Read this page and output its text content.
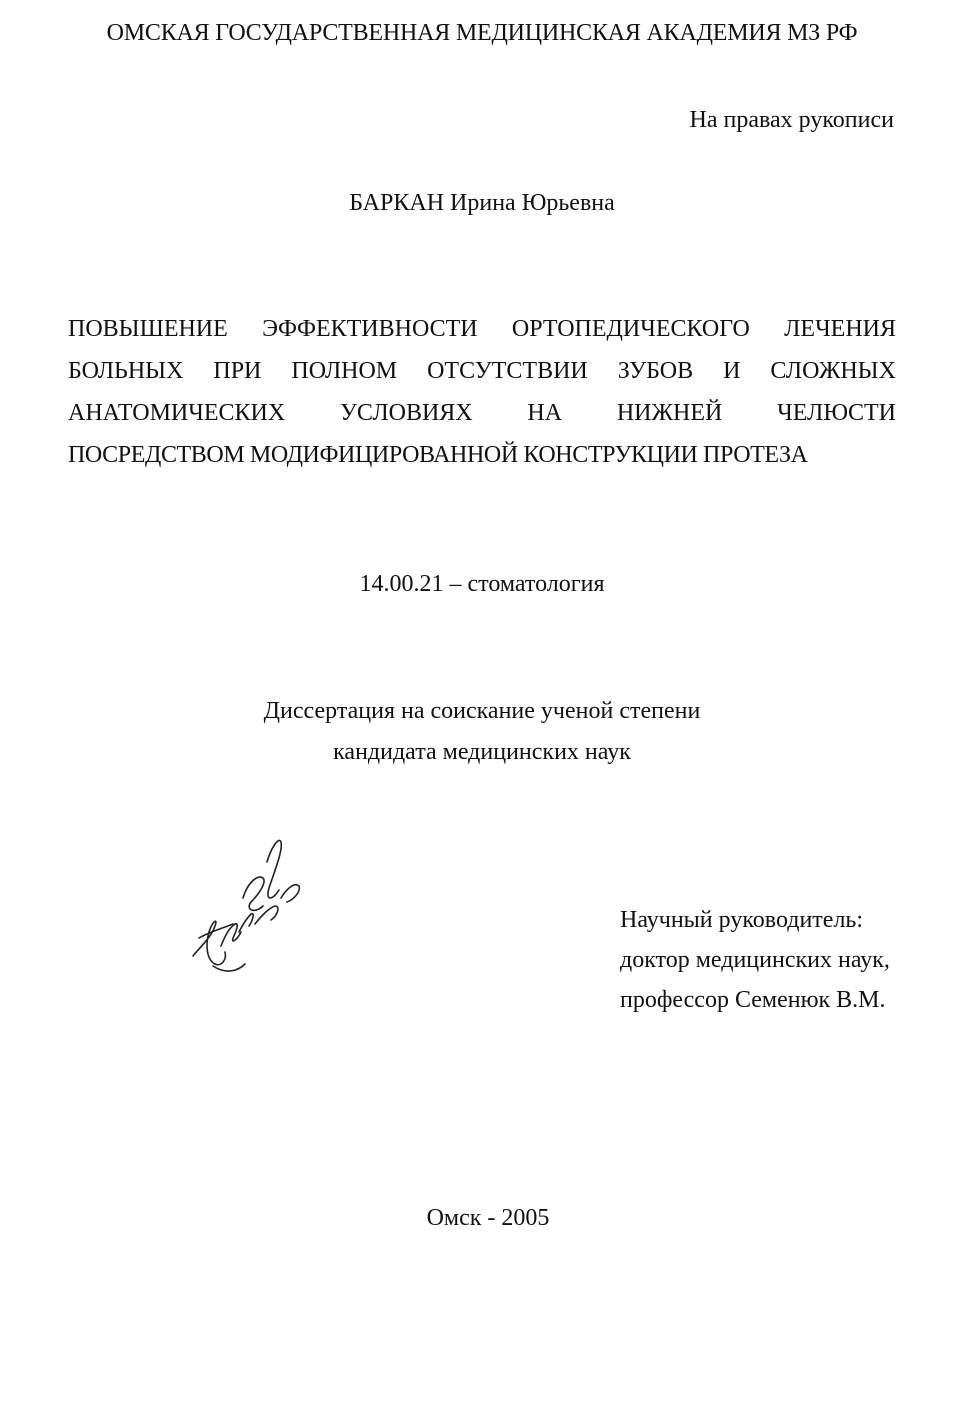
ОМСКАЯ ГОСУДАРСТВЕННАЯ МЕДИЦИНСКАЯ АКАДЕМИЯ МЗ РФ
На правах рукописи
БАРКАН Ирина Юрьевна
ПОВЫШЕНИЕ ЭФФЕКТИВНОСТИ ОРТОПЕДИЧЕСКОГО ЛЕЧЕНИЯ
БОЛЬНЫХ ПРИ ПОЛНОМ ОТСУТСТВИИ ЗУБОВ И СЛОЖНЫХ
АНАТОМИЧЕСКИХ УСЛОВИЯХ НА НИЖНЕЙ ЧЕЛЮСТИ
ПОСРЕДСТВОМ МОДИФИЦИРОВАННОЙ КОНСТРУКЦИИ ПРОТЕЗА
14.00.21 – стоматология
Диссертация на соискание ученой степени
кандидата медицинских наук
Научный руководитель:
доктор медицинских наук,
профессор Семенюк В.М.
Омск - 2005
